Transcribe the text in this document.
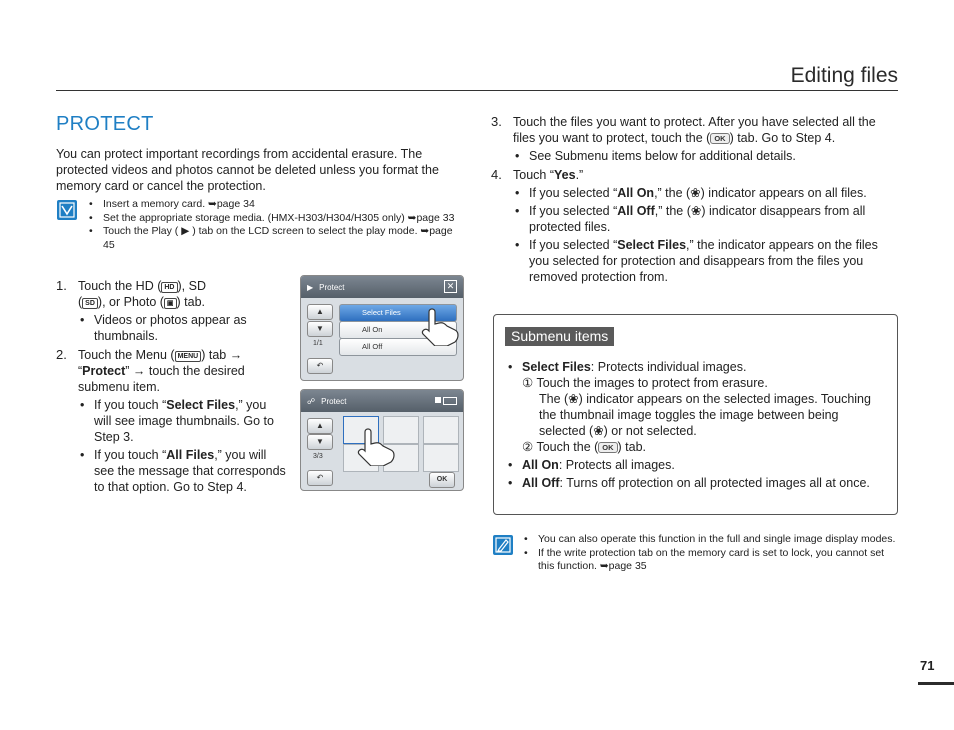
Editing files
PROTECT
You can protect important recordings from accidental erasure. The protected videos and photos cannot be deleted unless you format the memory card or cancel the protection.
• Insert a memory card. ➥page 34
• Set the appropriate storage media. (HMX-H303/H304/H305 only) ➥page 33
• Touch the Play ( ▶ ) tab on the LCD screen to select the play mode. ➥page 45
1. Touch the HD ( HD ), SD
( SD ), or Photo ( ▣ ) tab.
• Videos or photos appear as thumbnails.
2. Touch the Menu ( MENU ) tab →
“Protect” → touch the desired submenu item.
• If you touch “Select Files,” you will see image thumbnails. Go to Step 3.
• If you touch “All Files,” you will see the message that corresponds to that option. Go to Step 4.
▶ Protect	✕
▲
▼
1/1
↶
Select Files
All On
All Off
☍ Protect
▲
▼
3/3
↶	OK
3. Touch the files you want to protect. After you have selected all the files you want to protect, touch the ( OK ) tab. Go to Step 4.
• See Submenu items below for additional details.
4. Touch “Yes.”
• If you selected “All On,” the (❀) indicator appears on all files.
• If you selected “All Off,” the (❀) indicator disappears from all protected files.
• If you selected “Select Files,” the indicator appears on the files you selected for protection and disappears from the files you removed protection from.
Submenu items
• Select Files: Protects individual images.
① Touch the images to protect from erasure.
The (❀) indicator appears on the selected images. Touching the thumbnail image toggles the image between being selected (❀) or not selected.
② Touch the ( OK ) tab.
• All On: Protects all images.
• All Off: Turns off protection on all protected images all at once.
• You can also operate this function in the full and single image display modes.
• If the write protection tab on the memory card is set to lock, you cannot set this function. ➥page 35
71
